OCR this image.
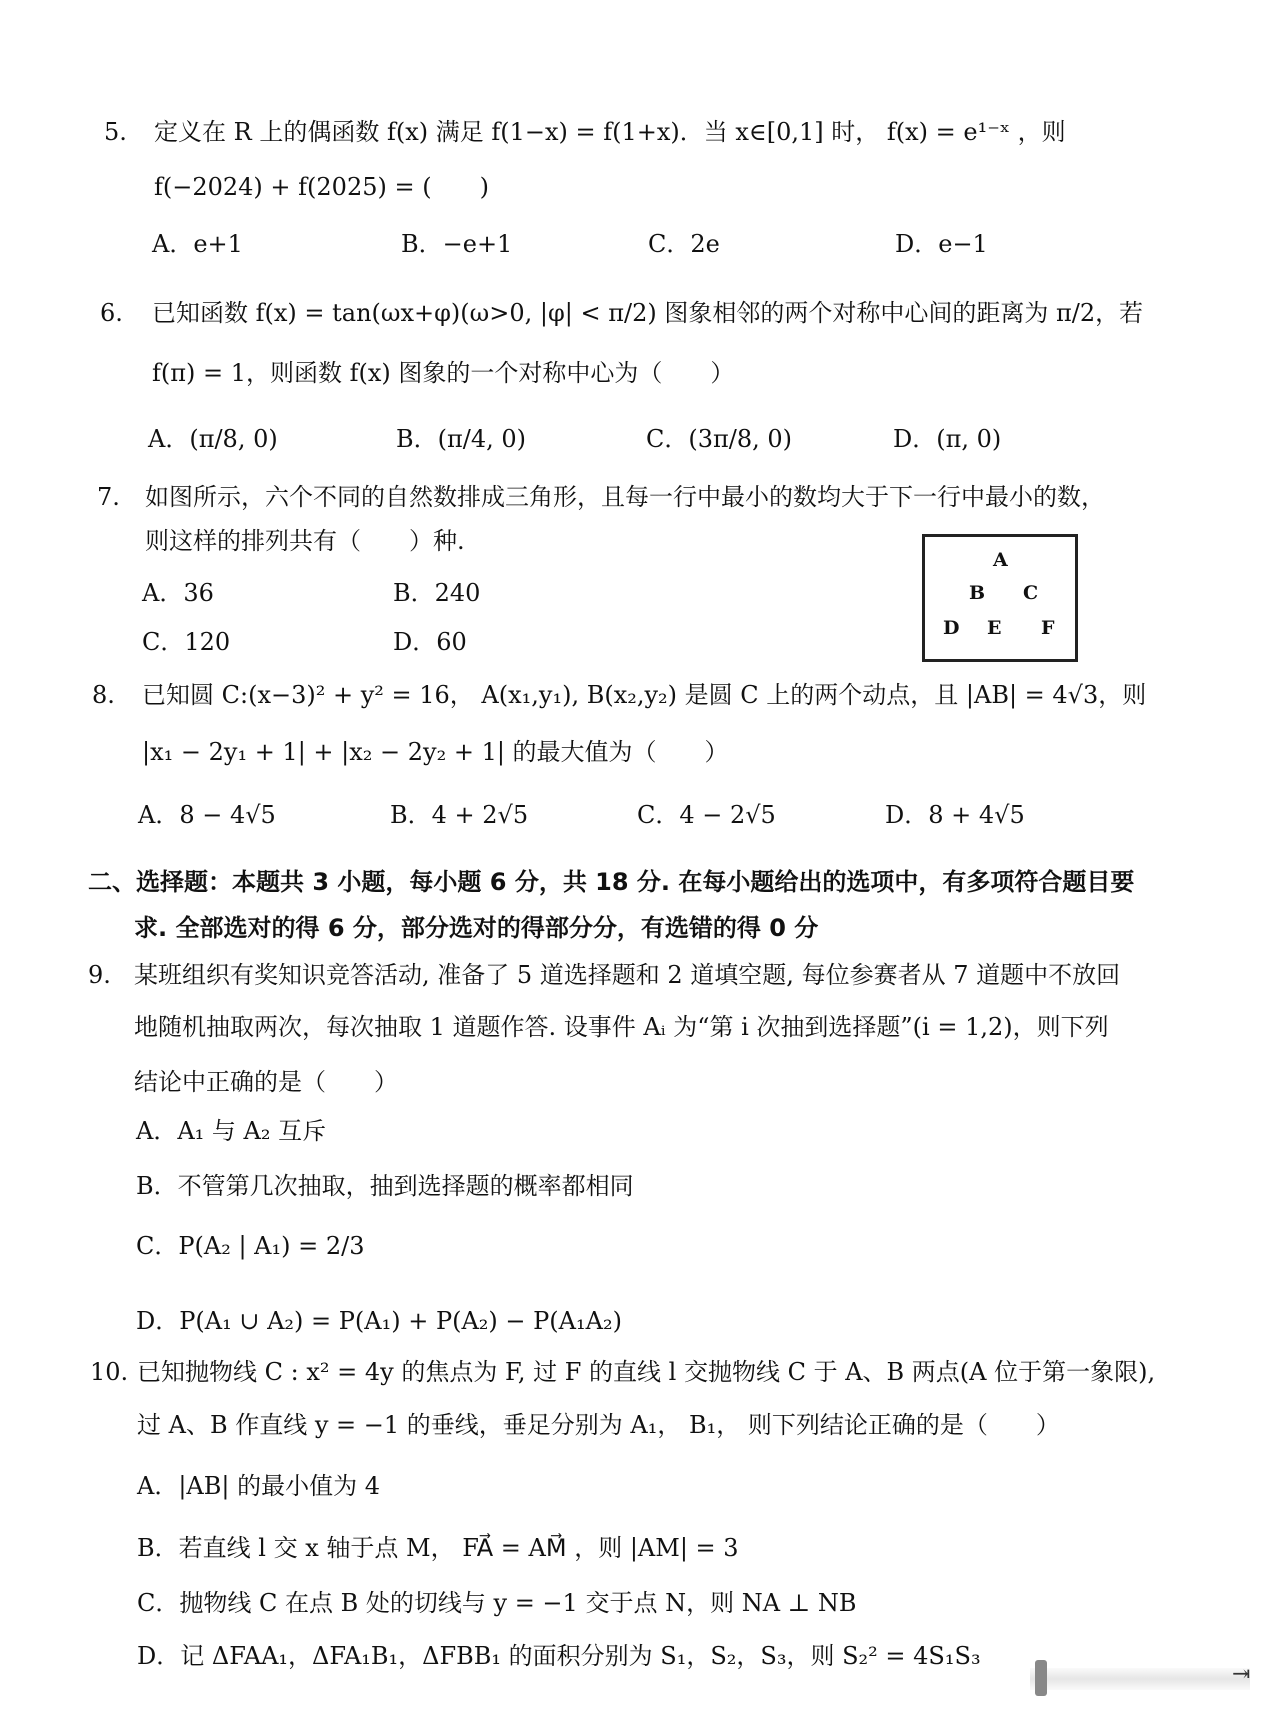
5. 定义在 R 上的偶函数 f(x) 满足 f(1−x) = f(1+x)．当 x∈[0,1] 时， f(x) = e¹⁻ˣ ，则
f(−2024) + f(2025) = (　　)
A．e+1	B．−e+1	C．2e	D．e−1
6. 已知函数 f(x) = tan(ωx+φ)(ω>0, |φ| < π/2) 图象相邻的两个对称中心间的距离为 π/2，若
f(π) = 1，则函数 f(x) 图象的一个对称中心为（　　）
A．(π/8, 0)	B．(π/4, 0)	C．(3π/8, 0)	D．(π, 0)
7. 如图所示，六个不同的自然数排成三角形，且每一行中最小的数均大于下一行中最小的数，
则这样的排列共有（　　）种.
A．36	B．240
C．120	D．60
A
B C
D E F
8. 已知圆 C:(x−3)² + y² = 16， A(x₁,y₁), B(x₂,y₂) 是圆 C 上的两个动点，且 |AB| = 4√3，则
|x₁ − 2y₁ + 1| + |x₂ − 2y₂ + 1| 的最大值为（　　）
A．8 − 4√5	B．4 + 2√5	C．4 − 2√5	D．8 + 4√5
二、选择题：本题共 3 小题，每小题 6 分，共 18 分. 在每小题给出的选项中，有多项符合题目要
求. 全部选对的得 6 分，部分选对的得部分分，有选错的得 0 分
9. 某班组织有奖知识竞答活动, 准备了 5 道选择题和 2 道填空题, 每位参赛者从 7 道题中不放回
地随机抽取两次，每次抽取 1 道题作答. 设事件 Aᵢ 为“第 i 次抽到选择题”(i = 1,2)，则下列
结论中正确的是（　　）
A．A₁ 与 A₂ 互斥
B．不管第几次抽取，抽到选择题的概率都相同
C．P(A₂ | A₁) = 2/3
D．P(A₁ ∪ A₂) = P(A₁) + P(A₂) − P(A₁A₂)
10. 已知抛物线 C : x² = 4y 的焦点为 F, 过 F 的直线 l 交抛物线 C 于 A、B 两点(A 位于第一象限),
过 A、B 作直线 y = −1 的垂线，垂足分别为 A₁， B₁， 则下列结论正确的是（　　）
A．|AB| 的最小值为 4
B．若直线 l 交 x 轴于点 M， FA⃗ = AM⃗ ，则 |AM| = 3
C．抛物线 C 在点 B 处的切线与 y = −1 交于点 N，则 NA ⊥ NB
D．记 ΔFAA₁，ΔFA₁B₁，ΔFBB₁ 的面积分别为 S₁，S₂，S₃，则 S₂² = 4S₁S₃
⇥
